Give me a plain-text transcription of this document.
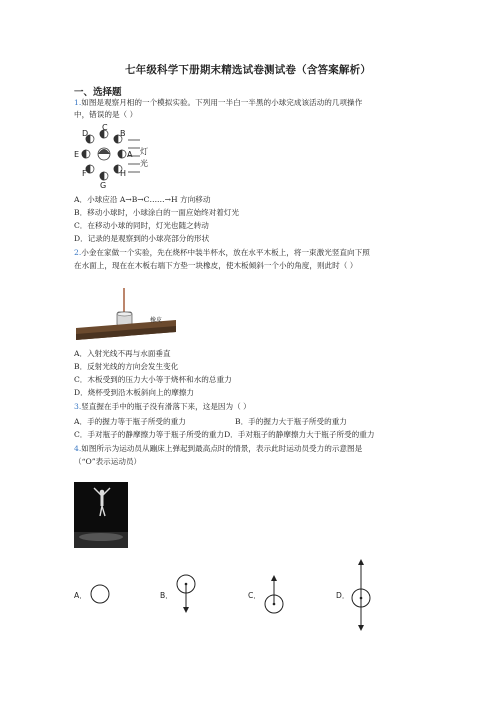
七年级科学下册期末精选试卷测试卷（含答案解析）
一、选择题
1.如图是观察月相的一个模拟实验。下列用一半白一半黑的小球完成该活动的几项操作
中，错误的是（ ）
D
C
B
E	A
F	H
G
灯
光
A．小球应沿 A→B→C……→H 方向移动
B．移动小球时，小球涂白的一面应始终对着灯光
C．在移动小球的同时，灯光也随之转动
D．记录的是观察到的小球亮部分的形状
2.小金在家做一个实验，先在烧杯中装半杯水，放在水平木板上，将一束激光竖直向下照
在水面上，现在在木板右端下方垫一块橡皮，使木板倾斜一个小的角度，则此时（ ）
橡皮
A．入射光线不再与水面垂直
B．反射光线的方向会发生变化
C．木板受到的压力大小等于烧杯和水的总重力
D．烧杯受到沿木板斜向上的摩擦力
3.竖直握在手中的瓶子没有滑落下来，这是因为（ ）
A．手的握力等于瓶子所受的重力	B．手的握力大于瓶子所受的重力
C．手对瓶子的静摩擦力等于瓶子所受的重力D．手对瓶子的静摩擦力大于瓶子所受的重力
4.如图所示为运动员从蹦床上弹起到最高点时的情景，表示此时运动员受力的示意图是
（“O”表示运动员）
A．	B．	C．	D．
